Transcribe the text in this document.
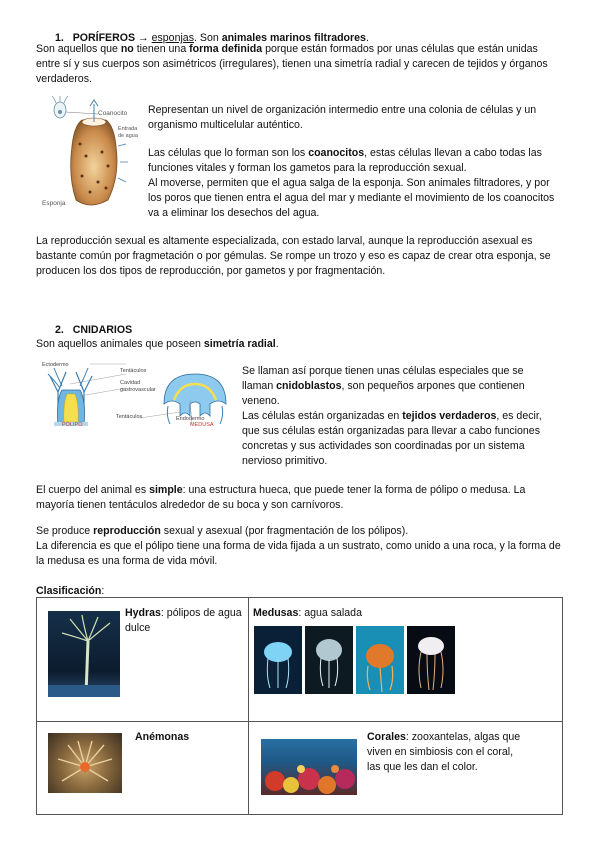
1. PORÍFEROS → esponjas. Son animales marinos filtradores.

Son aquellos que no tienen una forma definida porque están formados por unas células que están unidas entre sí y sus cuerpos son asimétricos (irregulares), tienen una simetría radial y carecen de tejidos y órganos verdaderos.

Coanocito
Entrada de agua
Esponja

Representan un nivel de organización intermedio entre una colonia de células y un organismo multicelular auténtico.

Las células que lo forman son los coanocitos, estas células llevan a cabo todas las funciones vitales y forman los gametos para la reproducción sexual.

Al moverse, permiten que el agua salga de la esponja. Son animales filtradores, y por los poros que tienen entra el agua del mar y mediante el movimiento de los coanocitos va a eliminar los desechos del agua.

La reproducción sexual es altamente especializada, con estado larval, aunque la reproducción asexual es bastante común por fragmetación o por gémulas. Se rompe un trozo y eso es capaz de crear otra esponja, se producen los dos tipos de reproducción, por gametos y por fragmentación.

2. CNIDARIOS

Son aquellos animales que poseen simetría radial.

Ectodermo
Tentáculos
Cavidad gastrovascular
Tentáculos	Endodermo
PÓLIPO	MEDUSA

Se llaman así porque tienen unas células especiales que se llaman cnidoblastos, son pequeños arpones que contienen veneno.

Las células están organizadas en tejidos verdaderos, es decir, que sus células están organizadas para llevar a cabo funciones concretas y sus actividades son coordinadas por un sistema nervioso primitivo.

El cuerpo del animal es simple: una estructura hueca, que puede tener la forma de pólipo o medusa. La mayoría tienen tentáculos alrededor de su boca y son carnívoros.

Se produce reproducción sexual y asexual (por fragmentación de los pólipos).

La diferencia es que el pólipo tiene una forma de vida fijada a un sustrato, como unido a una roca, y la forma de la medusa es una forma de vida móvil.

Clasificación:

Hydras: pólipos de agua dulce	Medusas: agua salada

Anémonas	Corales: zooxantelas, algas que viven en simbiosis con el coral, las que les dan el color.
